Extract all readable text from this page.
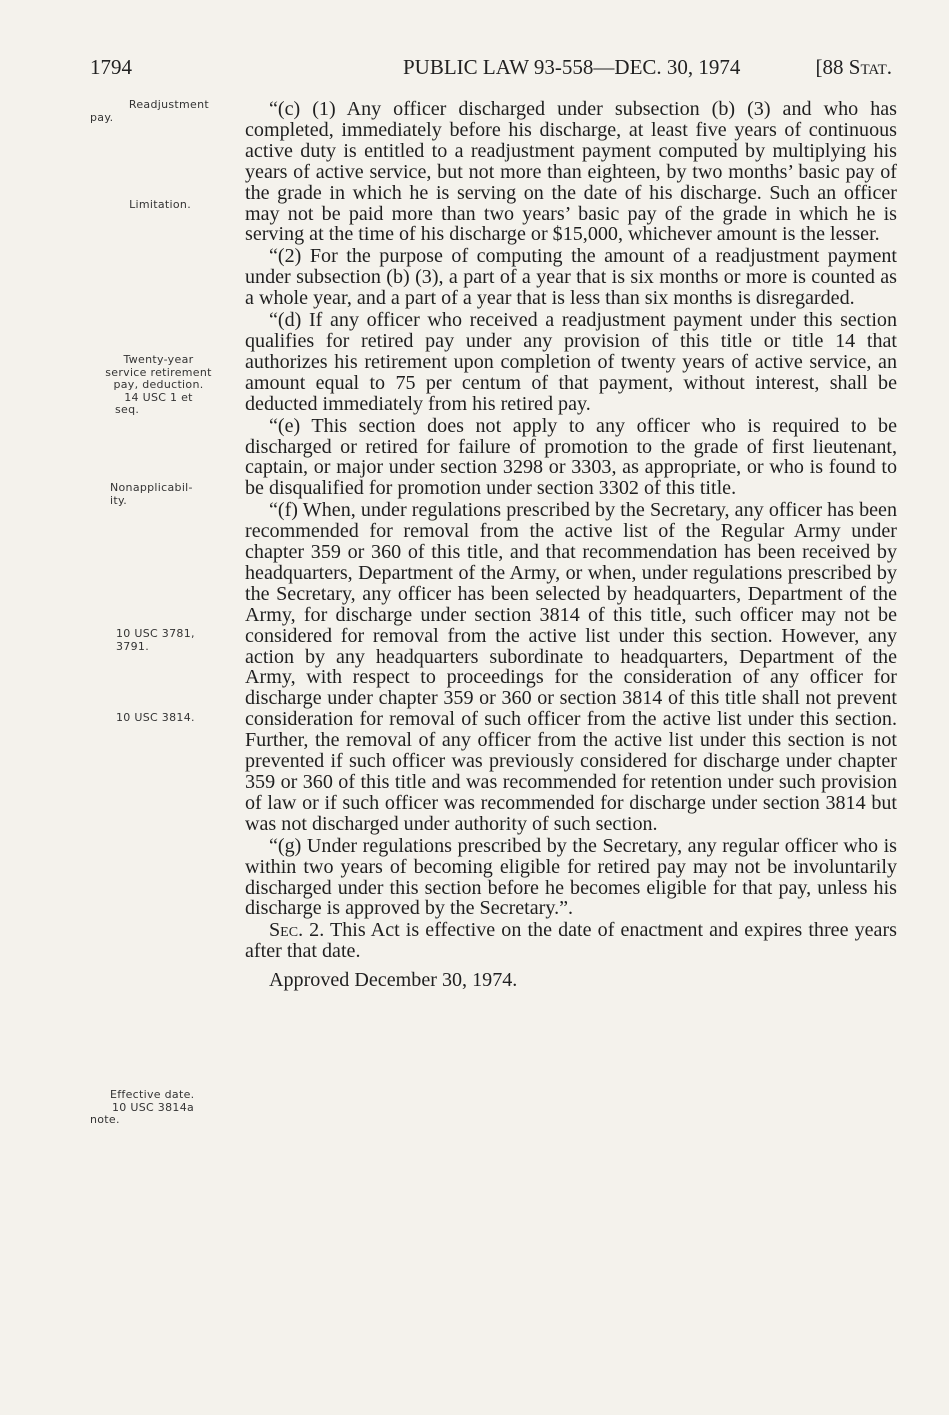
1794	PUBLIC LAW 93-558—DEC. 30, 1974	[88 Stat.
Readjustment
pay.
Limitation.
Twenty-year
service retirement
pay, deduction.
14 USC 1 et
seq.
Nonapplicabil-
ity.
10 USC 3781,
3791.
10 USC 3814.
Effective date.
10 USC 3814a
note.

“(c) (1) Any officer discharged under subsection (b) (3) and who has completed, immediately before his discharge, at least five years of continuous active duty is entitled to a readjustment payment computed by multiplying his years of active service, but not more than eighteen, by two months’ basic pay of the grade in which he is serving on the date of his discharge. Such an officer may not be paid more than two years’ basic pay of the grade in which he is serving at the time of his discharge or $15,000, whichever amount is the lesser.

“(2) For the purpose of computing the amount of a readjustment payment under subsection (b) (3), a part of a year that is six months or more is counted as a whole year, and a part of a year that is less than six months is disregarded.

“(d) If any officer who received a readjustment payment under this section qualifies for retired pay under any provision of this title or title 14 that authorizes his retirement upon completion of twenty years of active service, an amount equal to 75 per centum of that payment, without interest, shall be deducted immediately from his retired pay.

“(e) This section does not apply to any officer who is required to be discharged or retired for failure of promotion to the grade of first lieutenant, captain, or major under section 3298 or 3303, as appropriate, or who is found to be disqualified for promotion under section 3302 of this title.

“(f) When, under regulations prescribed by the Secretary, any officer has been recommended for removal from the active list of the Regular Army under chapter 359 or 360 of this title, and that recommendation has been received by headquarters, Department of the Army, or when, under regulations prescribed by the Secretary, any officer has been selected by headquarters, Department of the Army, for discharge under section 3814 of this title, such officer may not be considered for removal from the active list under this section. However, any action by any headquarters subordinate to headquarters, Department of the Army, with respect to proceedings for the consideration of any officer for discharge under chapter 359 or 360 or section 3814 of this title shall not prevent consideration for removal of such officer from the active list under this section. Further, the removal of any officer from the active list under this section is not prevented if such officer was previously considered for discharge under chapter 359 or 360 of this title and was recommended for retention under such provision of law or if such officer was recommended for discharge under section 3814 but was not discharged under authority of such section.

“(g) Under regulations prescribed by the Secretary, any regular officer who is within two years of becoming eligible for retired pay may not be involuntarily discharged under this section before he becomes eligible for that pay, unless his discharge is approved by the Secretary.”.

Sec. 2. This Act is effective on the date of enactment and expires three years after that date.

Approved December 30, 1974.
